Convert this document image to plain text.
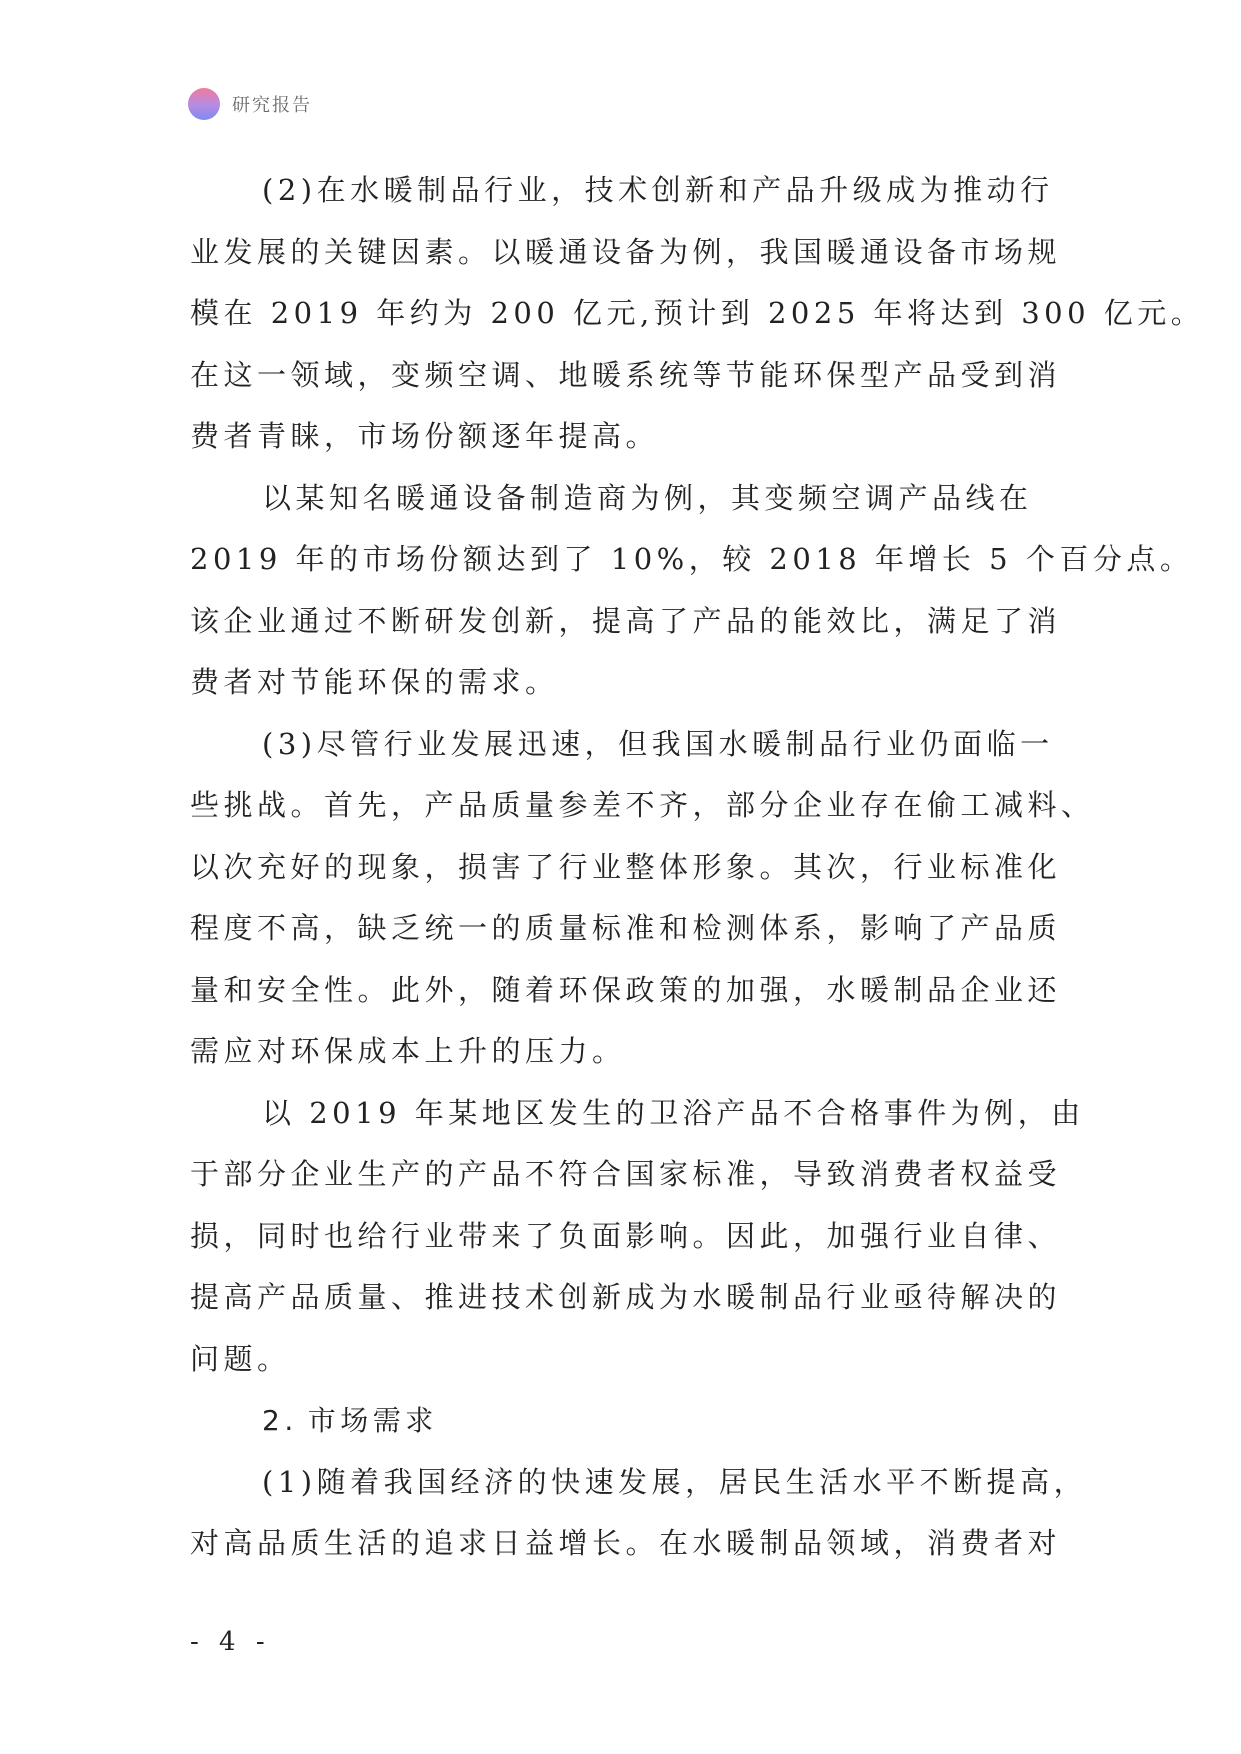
研究报告
(2)在水暖制品行业，技术创新和产品升级成为推动行
业发展的关键因素。以暖通设备为例，我国暖通设备市场规
模在 2019 年约为 200 亿元,预计到 2025 年将达到 300 亿元。
在这一领域，变频空调、地暖系统等节能环保型产品受到消
费者青睐，市场份额逐年提高。
以某知名暖通设备制造商为例，其变频空调产品线在
2019 年的市场份额达到了 10%，较 2018 年增长 5 个百分点。
该企业通过不断研发创新，提高了产品的能效比，满足了消
费者对节能环保的需求。
(3)尽管行业发展迅速，但我国水暖制品行业仍面临一
些挑战。首先，产品质量参差不齐，部分企业存在偷工减料、
以次充好的现象，损害了行业整体形象。其次，行业标准化
程度不高，缺乏统一的质量标准和检测体系，影响了产品质
量和安全性。此外，随着环保政策的加强，水暖制品企业还
需应对环保成本上升的压力。
以 2019 年某地区发生的卫浴产品不合格事件为例，由
于部分企业生产的产品不符合国家标准，导致消费者权益受
损，同时也给行业带来了负面影响。因此，加强行业自律、
提高产品质量、推进技术创新成为水暖制品行业亟待解决的
问题。
2. 市场需求
(1)随着我国经济的快速发展，居民生活水平不断提高，
对高品质生活的追求日益增长。在水暖制品领域，消费者对
- 4 -
